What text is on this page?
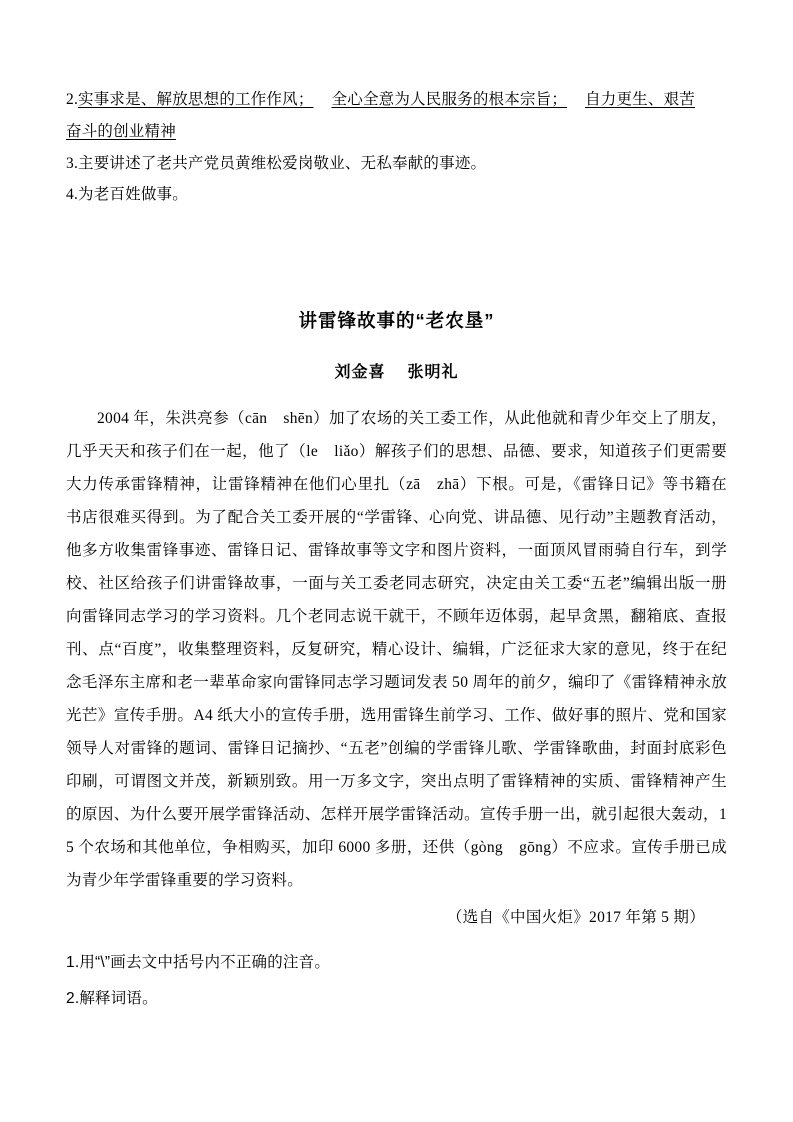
2.实事求是、解放思想的工作作风； 全心全意为人民服务的根本宗旨； 自力更生、艰苦
奋斗的创业精神
3.主要讲述了老共产党员黄维松爱岗敬业、无私奉献的事迹。
4.为老百姓做事。
讲雷锋故事的“老农垦”
刘金喜 张明礼
2004 年，朱洪亮参（cān　shēn）加了农场的关工委工作，从此他就和青少年交上了朋友，几乎天天和孩子们在一起，他了（le　liǎo）解孩子们的思想、品德、要求，知道孩子们更需要大力传承雷锋精神，让雷锋精神在他们心里扎（zā　zhā）下根。可是，《雷锋日记》等书籍在书店很难买得到。为了配合关工委开展的“学雷锋、心向党、讲品德、见行动”主题教育活动，他多方收集雷锋事迹、雷锋日记、雷锋故事等文字和图片资料，一面顶风冒雨骑自行车，到学校、社区给孩子们讲雷锋故事，一面与关工委老同志研究，决定由关工委“五老”编辑出版一册向雷锋同志学习的学习资料。几个老同志说干就干，不顾年迈体弱，起早贪黑，翻箱底、查报刊、点“百度”，收集整理资料，反复研究，精心设计、编辑，广泛征求大家的意见，终于在纪念毛泽东主席和老一辈革命家向雷锋同志学习题词发表 50 周年的前夕，编印了《雷锋精神永放光芒》宣传手册。A4 纸大小的宣传手册，选用雷锋生前学习、工作、做好事的照片、党和国家领导人对雷锋的题词、雷锋日记摘抄、“五老”创编的学雷锋儿歌、学雷锋歌曲，封面封底彩色印刷，可谓图文并茂，新颖别致。用一万多文字，突出点明了雷锋精神的实质、雷锋精神产生的原因、为什么要开展学雷锋活动、怎样开展学雷锋活动。宣传手册一出，就引起很大轰动，15 个农场和其他单位，争相购买，加印 6000 多册，还供（gòng　gōng）不应求。宣传手册已成为青少年学雷锋重要的学习资料。
（选自《中国火炬》2017 年第 5 期）
1.用“\”画去文中括号内不正确的注音。
2.解释词语。
